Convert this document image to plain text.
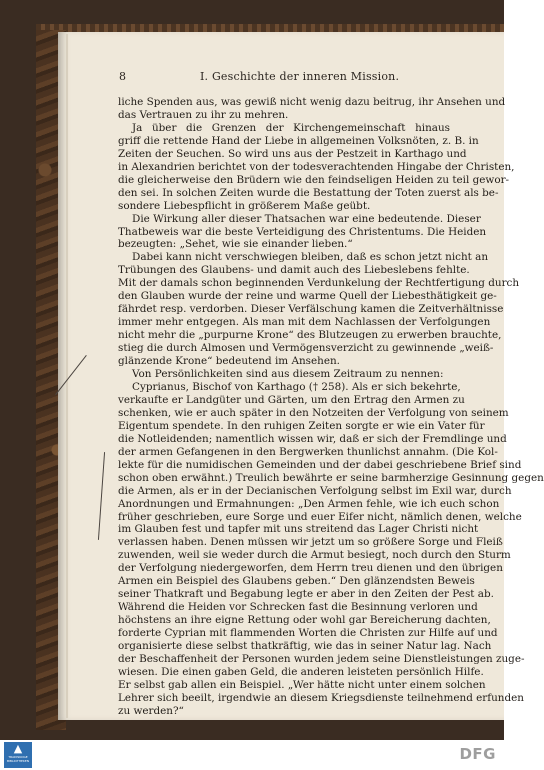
8	I. Geschichte der inneren Mission.
liche Spenden aus, was gewiß nicht wenig dazu beitrug, ihr Ansehen und
das Vertrauen zu ihr zu mehren.
Ja über die Grenzen der Kirchengemeinschaft hinaus
griff die rettende Hand der Liebe in allgemeinen Volksnöten, z. B. in
Zeiten der Seuchen. So wird uns aus der Pestzeit in Karthago und
in Alexandrien berichtet von der todesverachtenden Hingabe der Christen,
die gleicherweise den Brüdern wie den feindseligen Heiden zu teil gewor-
den sei. In solchen Zeiten wurde die Bestattung der Toten zuerst als be-
sondere Liebespflicht in größerem Maße geübt.
Die Wirkung aller dieser Thatsachen war eine bedeutende. Dieser
Thatbeweis war die beste Verteidigung des Christentums. Die Heiden
bezeugten: „Sehet, wie sie einander lieben.“
Dabei kann nicht verschwiegen bleiben, daß es schon jetzt nicht an
Trübungen des Glaubens- und damit auch des Liebeslebens fehlte.
Mit der damals schon beginnenden Verdunkelung der Rechtfertigung durch
den Glauben wurde der reine und warme Quell der Liebesthätigkeit ge-
fährdet resp. verdorben. Dieser Verfälschung kamen die Zeitverhältnisse
immer mehr entgegen. Als man mit dem Nachlassen der Verfolgungen
nicht mehr die „purpurne Krone“ des Blutzeugen zu erwerben brauchte,
stieg die durch Almosen und Vermögensverzicht zu gewinnende „weiß-
glänzende Krone“ bedeutend im Ansehen.
Von Persönlichkeiten sind aus diesem Zeitraum zu nennen:
Cyprianus, Bischof von Karthago († 258). Als er sich bekehrte,
verkaufte er Landgüter und Gärten, um den Ertrag den Armen zu
schenken, wie er auch später in den Notzeiten der Verfolgung von seinem
Eigentum spendete. In den ruhigen Zeiten sorgte er wie ein Vater für
die Notleidenden; namentlich wissen wir, daß er sich der Fremdlinge und
der armen Gefangenen in den Bergwerken thunlichst annahm. (Die Kol-
lekte für die numidischen Gemeinden und der dabei geschriebene Brief sind
schon oben erwähnt.) Treulich bewährte er seine barmherzige Gesinnung gegen
die Armen, als er in der Decianischen Verfolgung selbst im Exil war, durch
Anordnungen und Ermahnungen: „Den Armen fehle, wie ich euch schon
früher geschrieben, eure Sorge und euer Eifer nicht, nämlich denen, welche
im Glauben fest und tapfer mit uns streitend das Lager Christi nicht
verlassen haben. Denen müssen wir jetzt um so größere Sorge und Fleiß
zuwenden, weil sie weder durch die Armut besiegt, noch durch den Sturm
der Verfolgung niedergeworfen, dem Herrn treu dienen und den übrigen
Armen ein Beispiel des Glaubens geben.“ Den glänzendsten Beweis
seiner Thatkraft und Begabung legte er aber in den Zeiten der Pest ab.
Während die Heiden vor Schrecken fast die Besinnung verloren und
höchstens an ihre eigne Rettung oder wohl gar Bereicherung dachten,
forderte Cyprian mit flammenden Worten die Christen zur Hilfe auf und
organisierte diese selbst thatkräftig, wie das in seiner Natur lag. Nach
der Beschaffenheit der Personen wurden jedem seine Dienstleistungen zuge-
wiesen. Die einen gaben Geld, die anderen leisteten persönlich Hilfe.
Er selbst gab allen ein Beispiel. „Wer hätte nicht unter einem solchen
Lehrer sich beeilt, irgendwie an diesem Kriegsdienste teilnehmend erfunden
zu werden?“
▲
TRADISKOGE BIBLIOTHEKEN	DFG
